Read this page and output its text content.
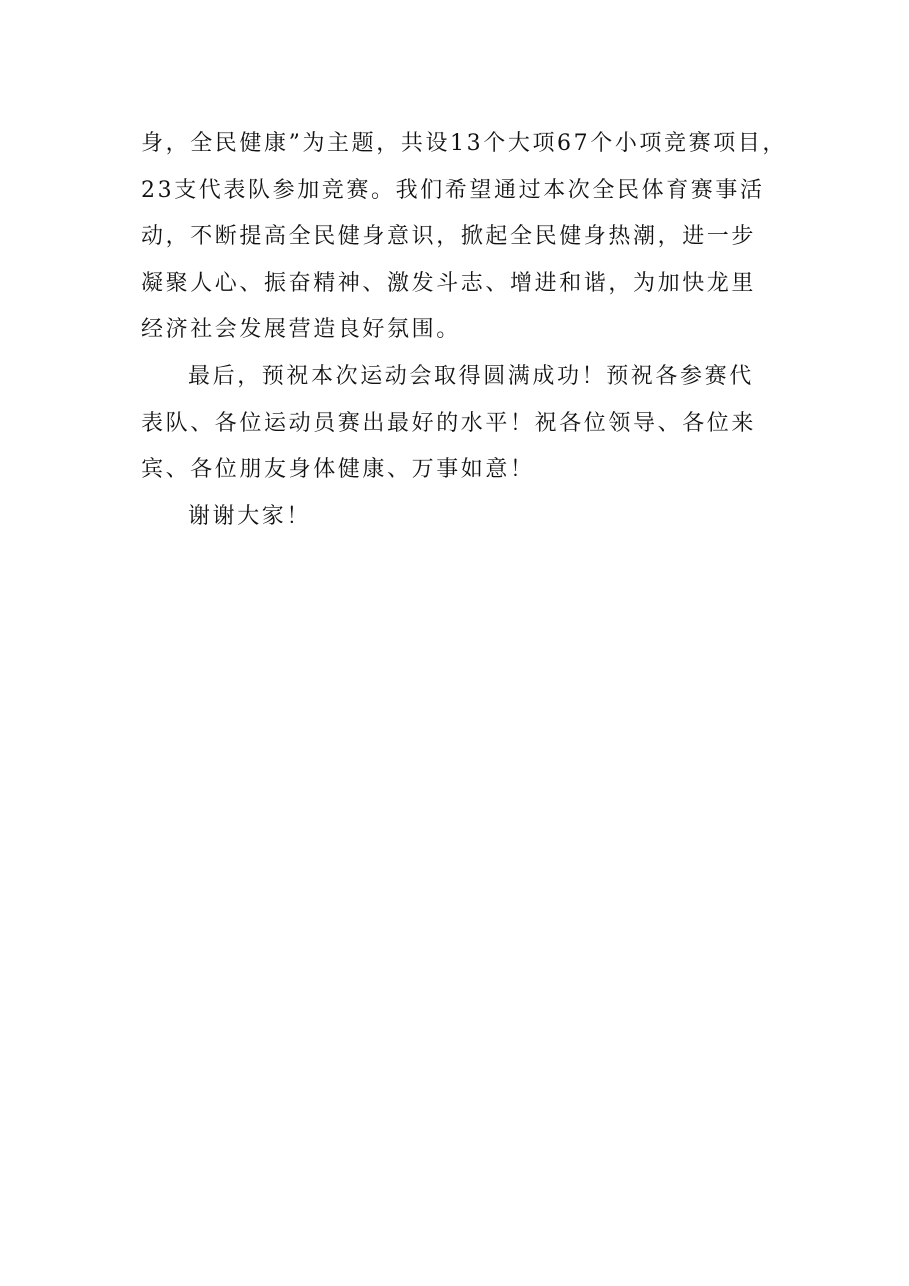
身，全民健康”为主题，共设13个大项67个小项竞赛项目，
23支代表队参加竞赛。我们希望通过本次全民体育赛事活
动，不断提高全民健身意识，掀起全民健身热潮，进一步
凝聚人心、振奋精神、激发斗志、增进和谐，为加快龙里
经济社会发展营造良好氛围。
最后，预祝本次运动会取得圆满成功！预祝各参赛代
表队、各位运动员赛出最好的水平！祝各位领导、各位来
宾、各位朋友身体健康、万事如意！
谢谢大家！
